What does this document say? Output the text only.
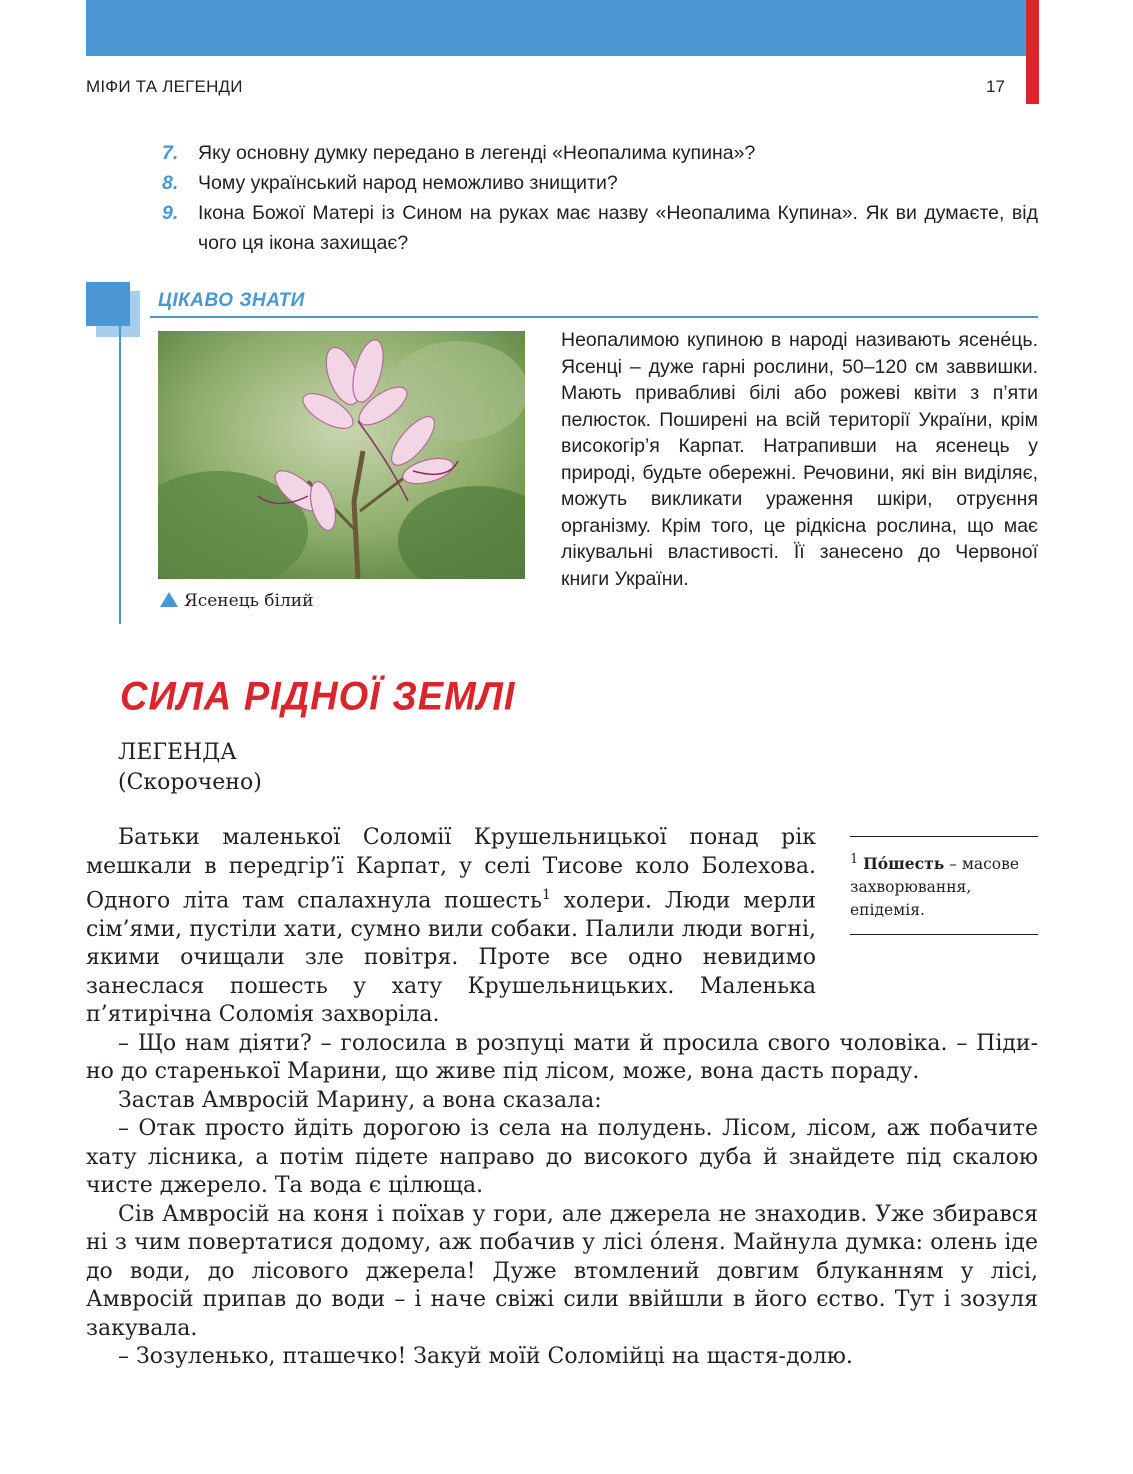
МІФИ ТА ЛЕГЕНДИ	17
7. Яку основну думку передано в легенді «Неопалима купина»?
8. Чому український народ неможливо знищити?
9. Ікона Божої Матері із Сином на руках має назву «Неопалима Купина». Як ви думаєте, від чого ця ікона захищає?
ЦІКАВО ЗНАТИ
Ясенець білий
Неопалимою купиною в народі називають ясене́ць. Ясенці – дуже гарні рослини, 50–120 см заввишки. Мають привабливі білі або рожеві квіти з п’яти пелюсток. Поширені на всій території України, крім високогір’я Карпат. Натрапивши на ясенець у природі, будьте обережні. Речовини, які він виділяє, можуть викликати ураження шкіри, отруєння організму. Крім того, це рідкісна рослина, що має лікувальні властивості. Її занесено до Червоної книги України.
СИЛА РІДНОЇ ЗЕМЛІ
ЛЕГЕНДА
(Скорочено)
$^1$ По́шесть – масове захворювання, епідемія.

Батьки маленької Соломії Крушельницької понад рік мешкали в передгір’ї Карпат, у селі Тисове коло Болехова. Одного літа там спалахнула пошесть$^1$ холери. Люди мерли сім’ями, пустіли хати, сумно вили собаки. Палили люди вогні, якими очищали зле повітря. Проте все одно невидимо занеслася пошесть у хату Крушельницьких. Маленька п’ятирічна Соломія захворіла.

– Що нам діяти? – голосила в розпуці мати й просила свого чоловіка. – Піди-но до старенької Марини, що живе під лісом, може, вона дасть пораду.

Застав Амвросій Марину, а вона сказала:

– Отак просто йдіть дорогою із села на полудень. Лісом, лісом, аж побачите хату лісника, а потім підете направо до високого дуба й знайдете під скалою чисте джерело. Та вода є цілюща.

Сів Амвросій на коня і поїхав у гори, але джерела не знаходив. Уже збирався ні з чим повертатися додому, аж побачив у лісі о́леня. Майнула думка: олень іде до води, до лісового джерела! Дуже втомлений довгим блуканням у лісі, Амвросій припав до води – і наче свіжі сили ввійшли в його єство. Тут і зозуля закувала.

– Зозуленько, пташечко! Закуй моїй Соломійці на щастя-долю.
